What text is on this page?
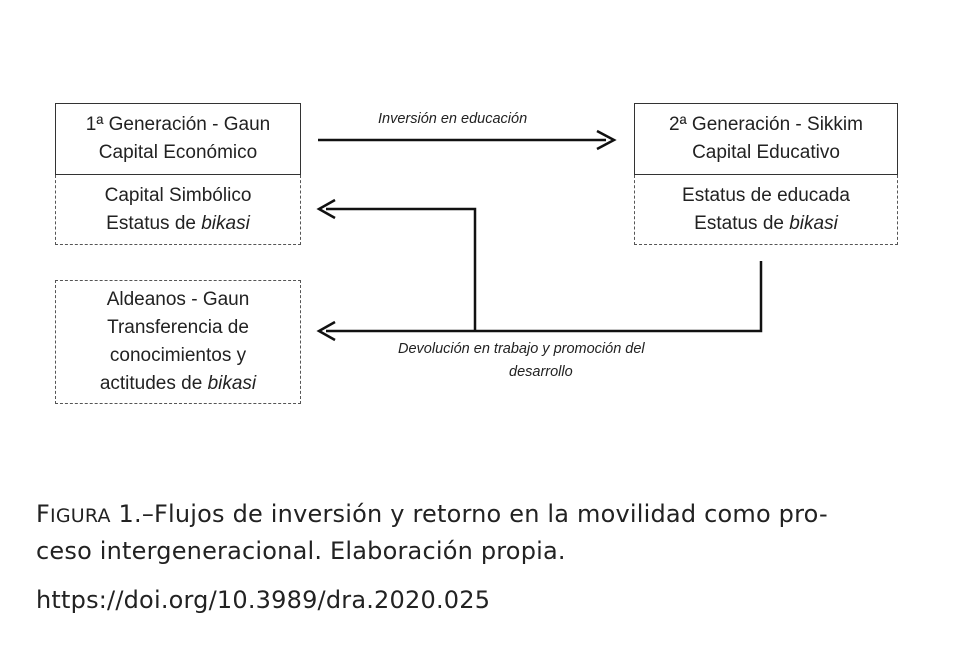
1ª Generación - Gaun
Capital Económico
Capital Simbólico
Estatus de bikasi
2ª Generación - Sikkim
Capital Educativo
Estatus de educada
Estatus de bikasi
Aldeanos - Gaun
Transferencia de
conocimientos y
actitudes de bikasi
Inversión en educación
Devolución en trabajo y promoción del
desarrollo
FIGURA 1.–Flujos de inversión y retorno en la movilidad como pro-
ceso intergeneracional. Elaboración propia.
https://doi.org/10.3989/dra.2020.025
